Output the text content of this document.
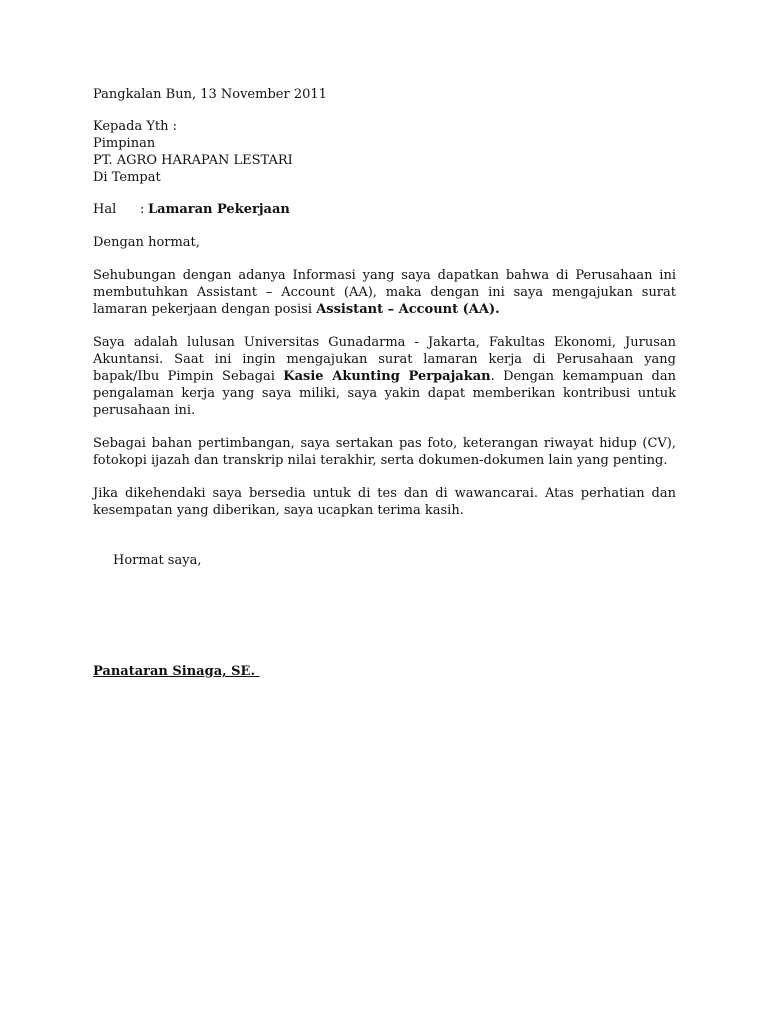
Pangkalan Bun, 13 November 2011

Kepada Yth :

Pimpinan

PT. AGRO HARAPAN LESTARI

Di Tempat

Hal	: Lamaran Pekerjaan

Dengan hormat,

Sehubungan dengan adanya Informasi yang saya dapatkan bahwa di Perusahaan ini membutuhkan Assistant – Account (AA), maka dengan ini saya mengajukan surat lamaran pekerjaan dengan posisi Assistant – Account (AA).

Saya adalah lulusan Universitas Gunadarma - Jakarta, Fakultas Ekonomi, Jurusan Akuntansi. Saat ini ingin mengajukan surat lamaran kerja di Perusahaan yang bapak/Ibu Pimpin Sebagai Kasie Akunting Perpajakan. Dengan kemampuan dan pengalaman kerja yang saya miliki, saya yakin dapat memberikan kontribusi untuk perusahaan ini.

Sebagai bahan pertimbangan, saya sertakan pas foto, keterangan riwayat hidup (CV), fotokopi ijazah dan transkrip nilai terakhir, serta dokumen-dokumen lain yang penting.

Jika dikehendaki saya bersedia untuk di tes dan di wawancarai. Atas perhatian dan kesempatan yang diberikan, saya ucapkan terima kasih.

Hormat saya,

Panataran Sinaga, SE.
